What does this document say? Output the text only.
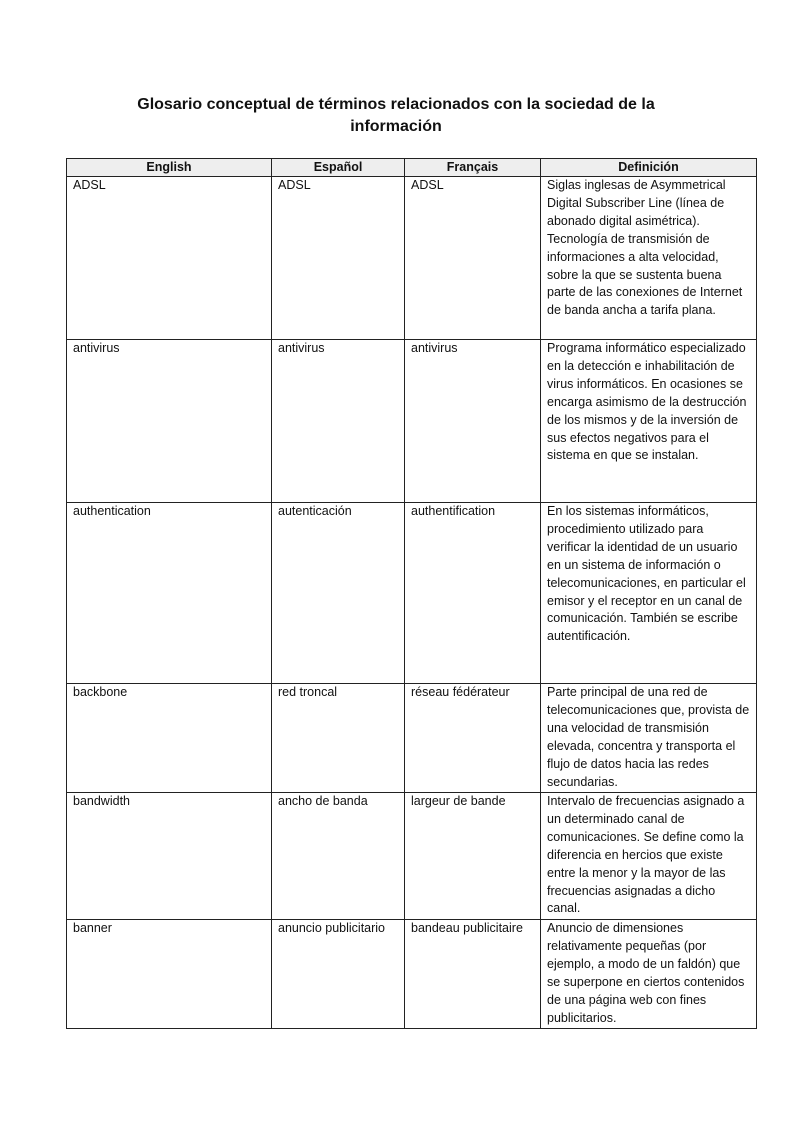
Glosario conceptual de términos relacionados con la sociedad de la información
English	Español	Français	Definición
ADSL	ADSL	ADSL	Siglas inglesas de Asymmetrical Digital Subscriber Line (línea de abonado digital asimétrica). Tecnología de transmisión de informaciones a alta velocidad, sobre la que se sustenta buena parte de las conexiones de Internet de banda ancha a tarifa plana.
antivirus	antivirus	antivirus	Programa informático especializado en la detección e inhabilitación de virus informáticos. En ocasiones se encarga asimismo de la destrucción de los mismos y de la inversión de sus efectos negativos para el sistema en que se instalan.
authentication	autenticación	authentification	En los sistemas informáticos, procedimiento utilizado para verificar la identidad de un usuario en un sistema de información o telecomunicaciones, en particular el emisor y el receptor en un canal de comunicación. También se escribe autentificación.
backbone	red troncal	réseau fédérateur	Parte principal de una red de telecomunicaciones que, provista de una velocidad de transmisión elevada, concentra y transporta el flujo de datos hacia las redes secundarias.
bandwidth	ancho de banda	largeur de bande	Intervalo de frecuencias asignado a un determinado canal de comunicaciones. Se define como la diferencia en hercios que existe entre la menor y la mayor de las frecuencias asignadas a dicho canal.
banner	anuncio publicitario	bandeau publicitaire	Anuncio de dimensiones relativamente pequeñas (por ejemplo, a modo de un faldón) que se superpone en ciertos contenidos de una página web con fines publicitarios.
